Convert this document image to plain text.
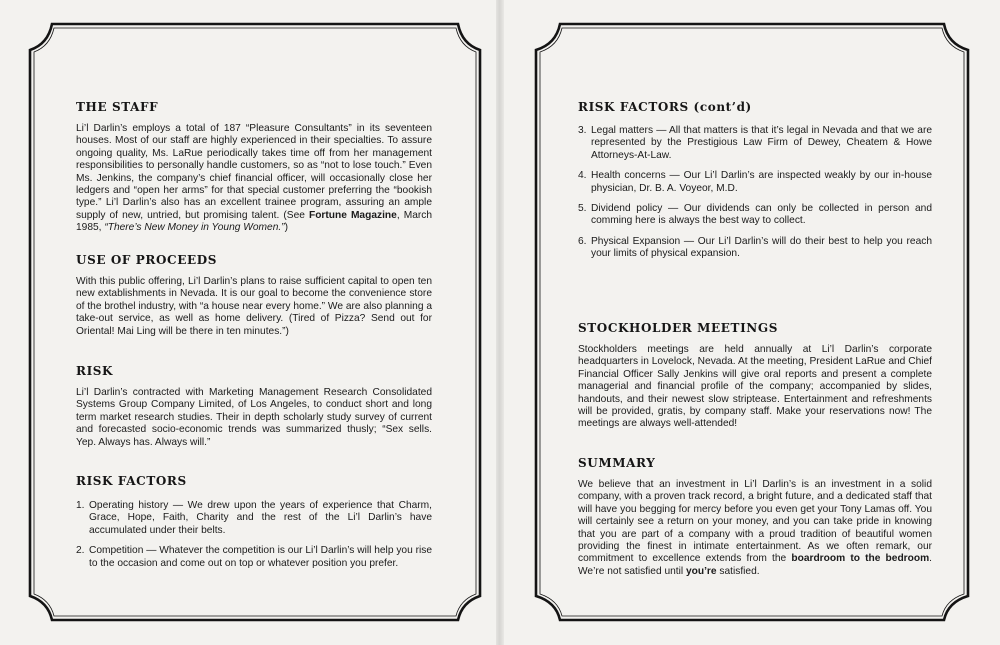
THE STAFF

Li’l Darlin’s employs a total of 187 “Pleasure Consultants” in its seventeen houses. Most of our staff are highly experienced in their specialties. To assure ongoing quality, Ms. LaRue periodically takes time off from her management responsibilities to personally handle customers, so as “not to lose touch.” Even Ms. Jenkins, the company’s chief financial officer, will occasionally close her ledgers and “open her arms” for that special customer preferring the “bookish type.” Li’l Darlin’s also has an excellent trainee program, assuring an ample supply of new, untried, but promising talent. (See Fortune Magazine, March 1985, “There’s New Money in Young Women.”)

USE OF PROCEEDS

With this public offering, Li’l Darlin’s plans to raise sufficient capital to open ten new extablishments in Nevada. It is our goal to become the convenience store of the brothel industry, with “a house near every home.” We are also planning a take-out service, as well as home delivery. (Tired of Pizza? Send out for Oriental! Mai Ling will be there in ten minutes.”)

RISK

Li’l Darlin’s contracted with Marketing Management Research Consolidated Systems Group Company Limited, of Los Angeles, to conduct short and long term market research studies. Their in depth scholarly study survey of current and forecasted socio-economic trends was summarized thusly; “Sex sells. Yep. Always has. Always will.”

RISK FACTORS
1. Operating history — We drew upon the years of experience that Charm, Grace, Hope, Faith, Charity and the rest of the Li’l Darlin’s have accumulated under their belts.
2. Competition — Whatever the competition is our Li’l Darlin’s will help you rise to the occasion and come out on top or whatever position you prefer.
RISK FACTORS (cont’d)
3. Legal matters — All that matters is that it’s legal in Nevada and that we are represented by the Prestigious Law Firm of Dewey, Cheatem & Howe Attorneys-At-Law.
4. Health concerns — Our Li’l Darlin’s are inspected weakly by our in-house physician, Dr. B. A. Voyeor, M.D.
5. Dividend policy — Our dividends can only be collected in person and comming here is always the best way to collect.
6. Physical Expansion — Our Li’l Darlin’s will do their best to help you reach your limits of physical expansion.
STOCKHOLDER MEETINGS

Stockholders meetings are held annually at Li’l Darlin’s corporate headquarters in Lovelock, Nevada. At the meeting, President LaRue and Chief Financial Officer Sally Jenkins will give oral reports and present a complete managerial and financial profile of the company; accompanied by slides, handouts, and their newest slow striptease. Entertainment and refreshments will be provided, gratis, by company staff. Make your reservations now! The meetings are always well-attended!

SUMMARY

We believe that an investment in Li’l Darlin’s is an investment in a solid company, with a proven track record, a bright future, and a dedicated staff that will have you begging for mercy before you even get your Tony Lamas off. You will certainly see a return on your money, and you can take pride in knowing that you are part of a company with a proud tradition of beautiful women providing the finest in intimate entertainment. As we often remark, our commitment to excellence extends from the boardroom to the bedroom. We’re not satisfied until you’re satisfied.
